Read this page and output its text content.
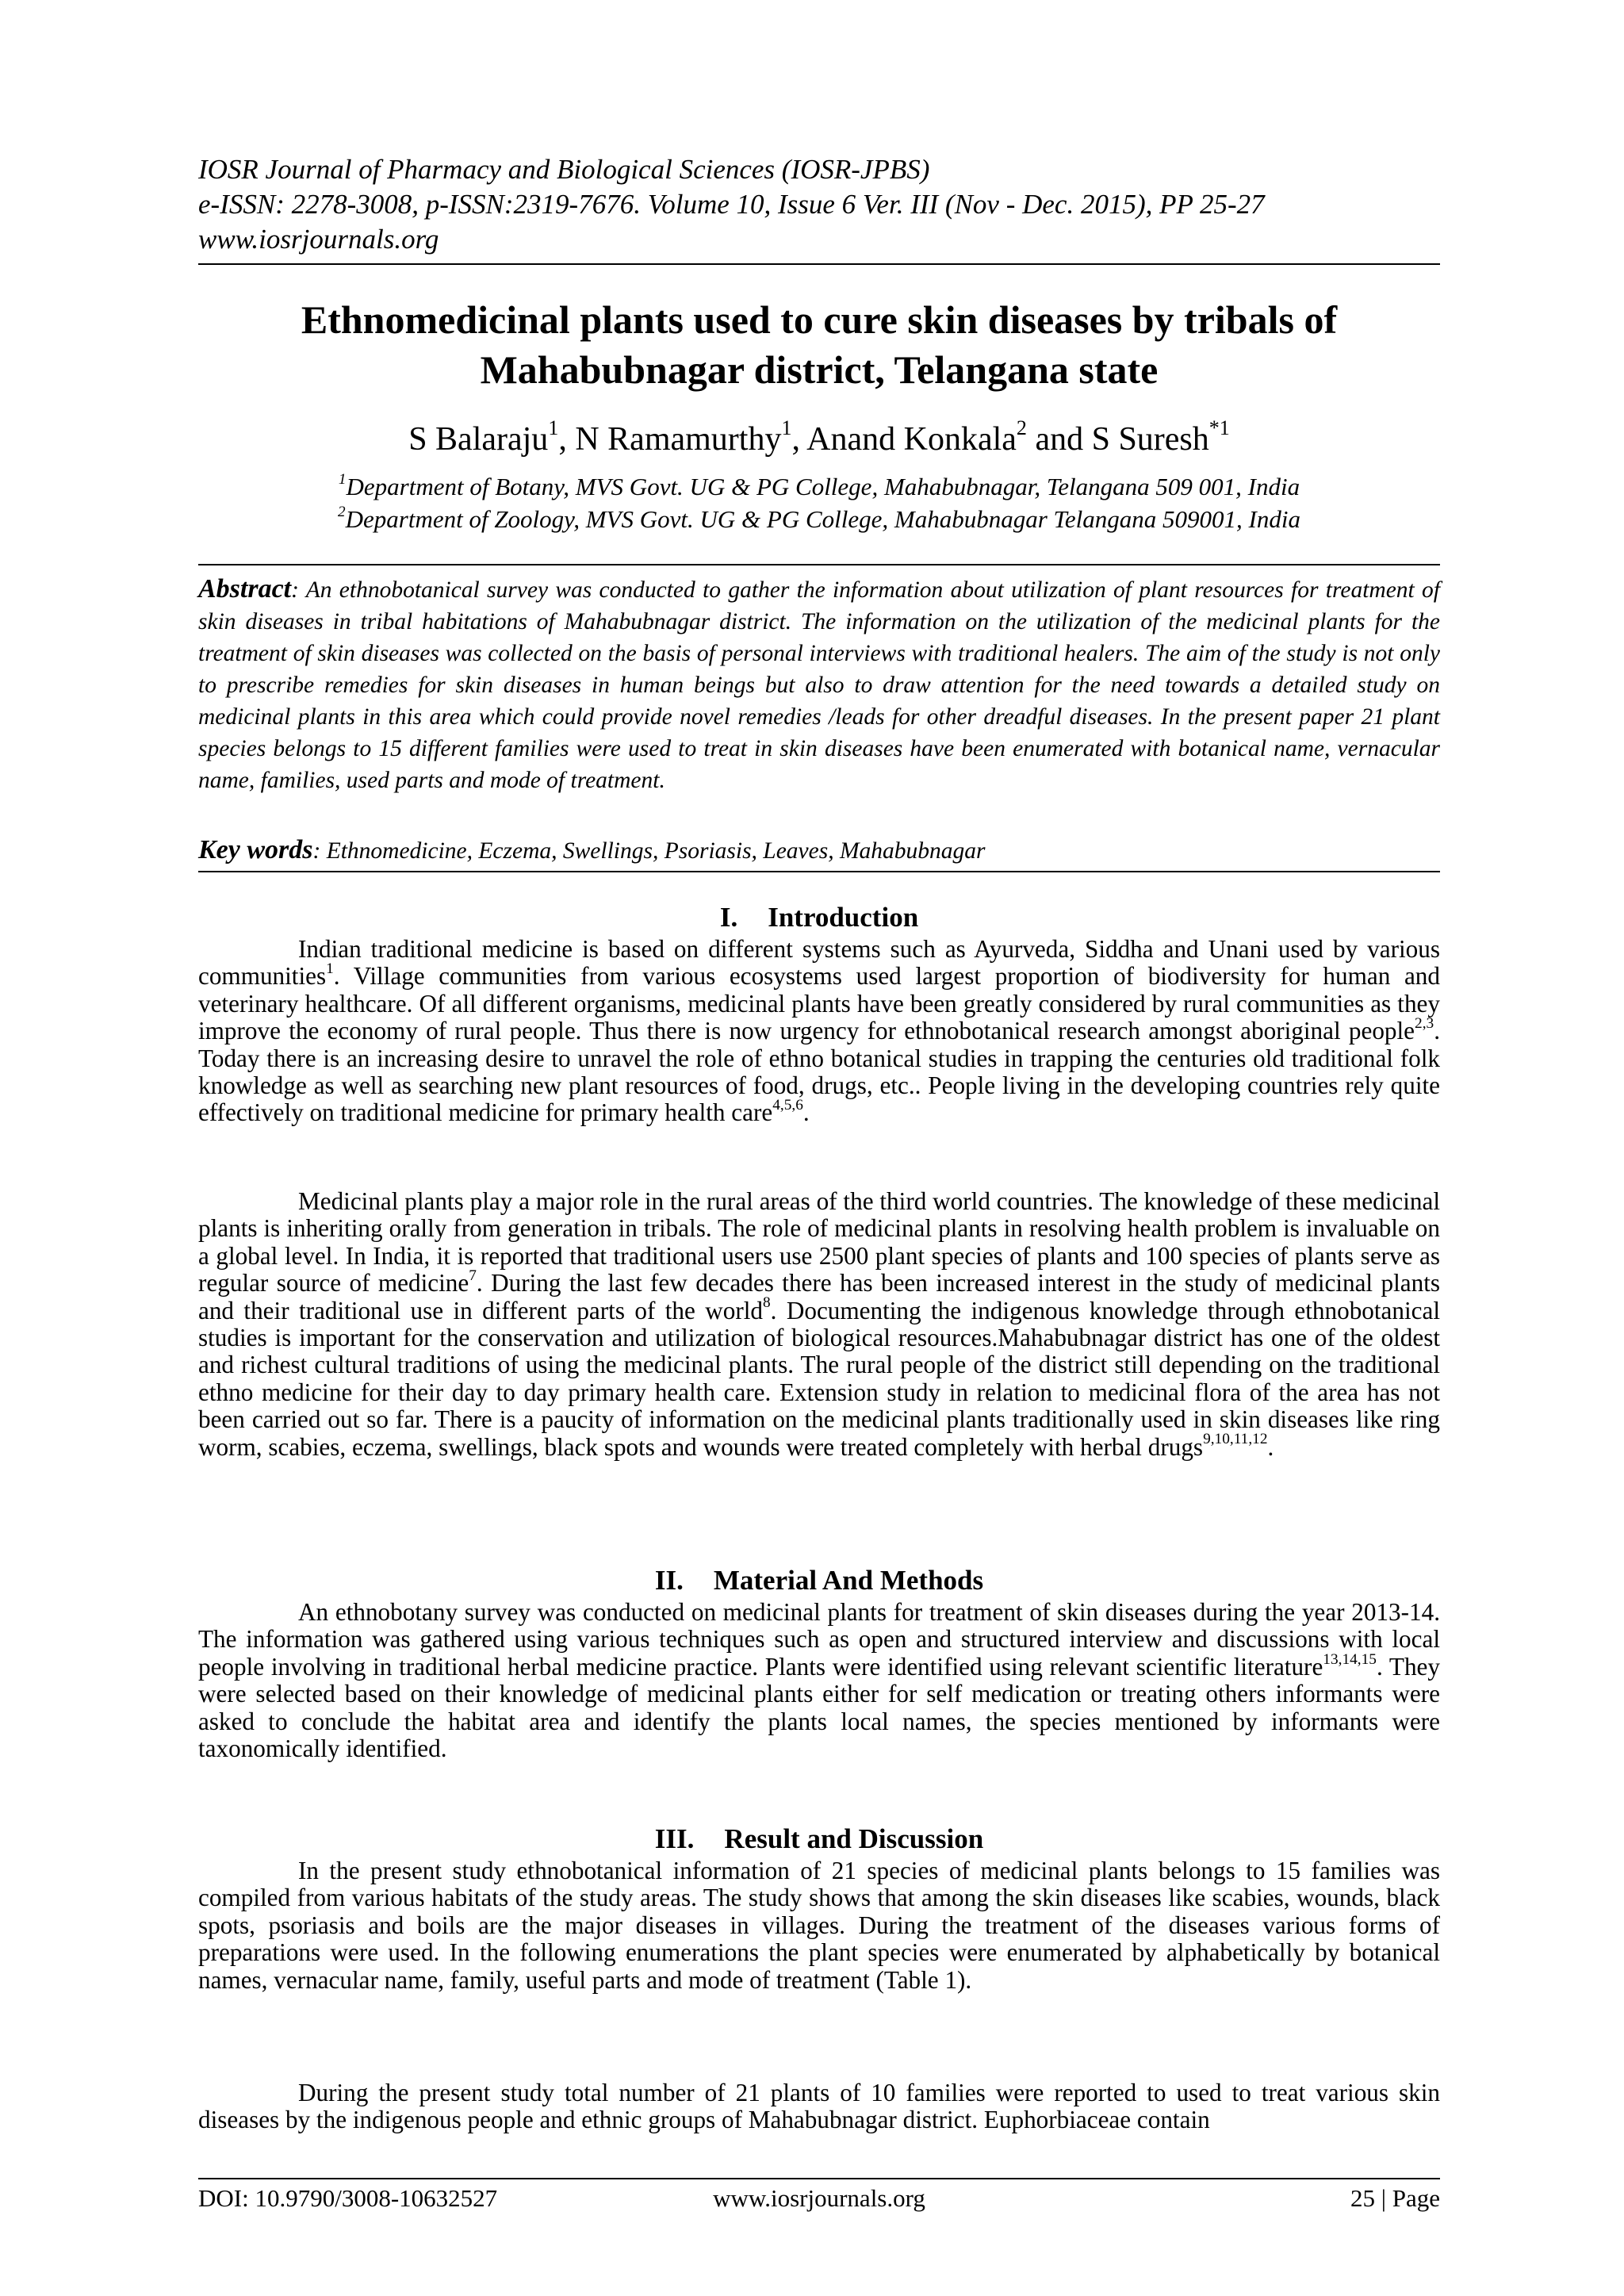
IOSR Journal of Pharmacy and Biological Sciences (IOSR-JPBS)
e-ISSN: 2278-3008, p-ISSN:2319-7676. Volume 10, Issue 6 Ver. III (Nov - Dec. 2015), PP 25-27
www.iosrjournals.org
Ethnomedicinal plants used to cure skin diseases by tribals of
Mahabubnagar district, Telangana state
S Balaraju$^1$, N Ramamurthy$^1$, Anand Konkala$^2$ and S Suresh$^{*1}$
$^1$Department of Botany, MVS Govt. UG & PG College, Mahabubnagar, Telangana 509 001, India
$^2$Department of Zoology, MVS Govt. UG & PG College, Mahabubnagar Telangana 509001, India
Abstract: An ethnobotanical survey was conducted to gather the information about utilization of plant resources for treatment of skin diseases in tribal habitations of Mahabubnagar district. The information on the utilization of the medicinal plants for the treatment of skin diseases was collected on the basis of personal interviews with traditional healers. The aim of the study is not only to prescribe remedies for skin diseases in human beings but also to draw attention for the need towards a detailed study on medicinal plants in this area which could provide novel remedies /leads for other dreadful diseases. In the present paper 21 plant species belongs to 15 different families were used to treat in skin diseases have been enumerated with botanical name, vernacular name, families, used parts and mode of treatment.
Key words: Ethnomedicine, Eczema, Swellings, Psoriasis, Leaves, Mahabubnagar
I. Introduction
Indian traditional medicine is based on different systems such as Ayurveda, Siddha and Unani used by various communities$^1$. Village communities from various ecosystems used largest proportion of biodiversity for human and veterinary healthcare. Of all different organisms, medicinal plants have been greatly considered by rural communities as they improve the economy of rural people. Thus there is now urgency for ethnobotanical research amongst aboriginal people$^{2,3}$. Today there is an increasing desire to unravel the role of ethno botanical studies in trapping the centuries old traditional folk knowledge as well as searching new plant resources of food, drugs, etc.. People living in the developing countries rely quite effectively on traditional medicine for primary health care$^{4,5,6}$.
Medicinal plants play a major role in the rural areas of the third world countries. The knowledge of these medicinal plants is inheriting orally from generation in tribals. The role of medicinal plants in resolving health problem is invaluable on a global level. In India, it is reported that traditional users use 2500 plant species of plants and 100 species of plants serve as regular source of medicine$^7$. During the last few decades there has been increased interest in the study of medicinal plants and their traditional use in different parts of the world$^8$. Documenting the indigenous knowledge through ethnobotanical studies is important for the conservation and utilization of biological resources.Mahabubnagar district has one of the oldest and richest cultural traditions of using the medicinal plants. The rural people of the district still depending on the traditional ethno medicine for their day to day primary health care. Extension study in relation to medicinal flora of the area has not been carried out so far. There is a paucity of information on the medicinal plants traditionally used in skin diseases like ring worm, scabies, eczema, swellings, black spots and wounds were treated completely with herbal drugs$^{9,10,11,12}$.
II. Material And Methods
An ethnobotany survey was conducted on medicinal plants for treatment of skin diseases during the year 2013-14. The information was gathered using various techniques such as open and structured interview and discussions with local people involving in traditional herbal medicine practice. Plants were identified using relevant scientific literature$^{13,14,15}$. They were selected based on their knowledge of medicinal plants either for self medication or treating others informants were asked to conclude the habitat area and identify the plants local names, the species mentioned by informants were taxonomically identified.
III. Result and Discussion
In the present study ethnobotanical information of 21 species of medicinal plants belongs to 15 families was compiled from various habitats of the study areas. The study shows that among the skin diseases like scabies, wounds, black spots, psoriasis and boils are the major diseases in villages. During the treatment of the diseases various forms of preparations were used. In the following enumerations the plant species were enumerated by alphabetically by botanical names, vernacular name, family, useful parts and mode of treatment (Table 1).
During the present study total number of 21 plants of 10 families were reported to used to treat various skin diseases by the indigenous people and ethnic groups of Mahabubnagar district. Euphorbiaceae contain
DOI: 10.9790/3008-10632527	www.iosrjournals.org	25 | Page
